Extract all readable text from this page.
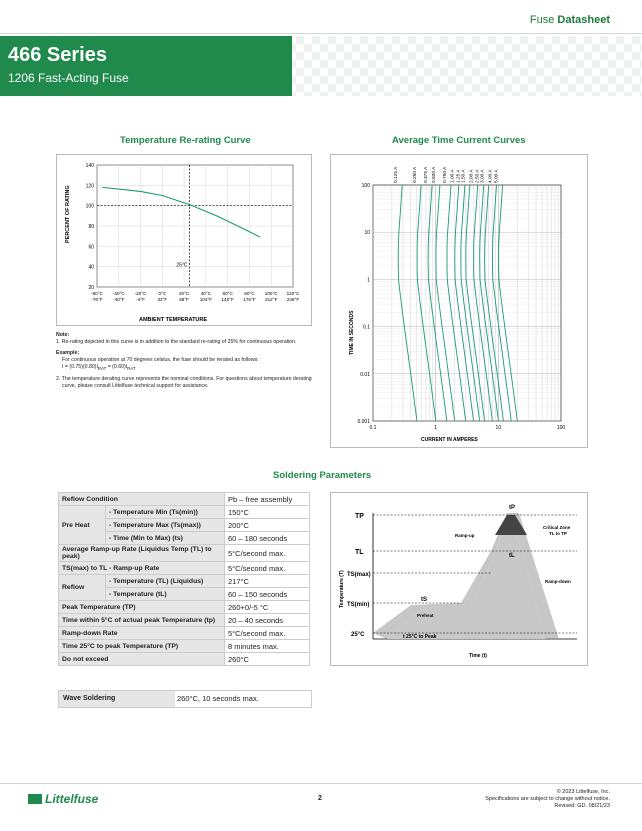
Fuse Datasheet
466 Series
1206 Fast-Acting Fuse
Temperature Re-rating Curve
PERCENT OF RATING
AMBIENT TEMPERATURE
140
120
100
80
60
40
20
-60°C
-76°F
-40°C
-40°F
-20°C
-4°F
0°C
32°F
20°C
68°F
40°C
104°F
60°C
140°F
80°C
176°F
100°C
212°F
120°C
248°F
25°C
Note:
1. Re-rating depicted in this curve is in addition to the standard re-rating of 25% for continuous operation.
Example:
For continuous operation at 70 degrees celsius, the fuse should be rerated as follows:
$I = (0.75)(0.80)I_{RAT} = (0.60)I_{RAT}$
2. The temperature derating curve represents the nominal conditions. For questions about temperature derating curve, please consult Littelfuse technical support for assistance.
Average Time Current Curves
TIME IN SECONDS
CURRENT IN AMPERES
100
10
1
0.1
0.01
0.001
0.1	1	10	100
0.125 A	0.250 A 0.375 A 0.500 A 0.750 A 1.00 A 1.25 A 1.50 A 2.00 A 2.50 A 3.00 A 4.00 A 5.00 A
Soldering Parameters
Reflow Condition		Pb – free assembly
Pre Heat	- Temperature Min (Ts(min))	150°C
	- Temperature Max (Ts(max))	200°C
	- Time (Min to Max) (ts)	60 – 180 seconds
Average Ramp-up Rate (Liquidus Temp (TL) to peak)		5°C/second max.
TS(max) to TL - Ramp-up Rate		5°C/second max.
Reflow	- Temperature (TL) (Liquidus)	217°C
	- Temperature (tL)	60 – 150 seconds
Peak Temperature (TP)		260+0/-5 °C
Time within 5°C of actual peak Temperature (tp)		20 – 40 seconds
Ramp-down Rate		5°C/second max.
Time 25°C to peak Temperature (TP)		8 minutes max.
Do not exceed		260°C
Wave Soldering	260°C, 10 seconds max.
TP
TL
TS(max)
TS(min)
25°C
Temperature (T)
Time (t)
Ramp-up
Ramp-down
Critical Zone
TL to TP
Preheat
t 25°C to Peak
tP
tL
tS
Littelfuse	2
© 2023 Littelfuse, Inc.
Specifications are subject to change without notice.
Revised: GD. 08/21/23
